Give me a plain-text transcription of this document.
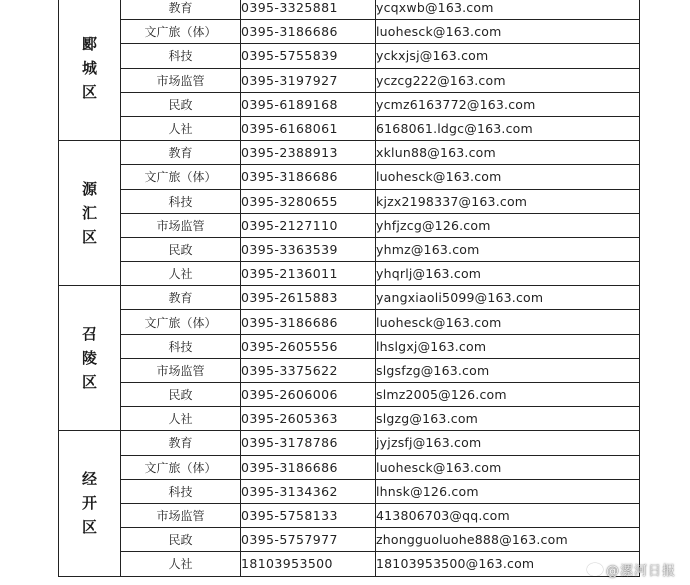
郾城区	教育	0395-3325881	ycqxwb@163.com
	文广旅（体）	0395-3186686	luohesck@163.com
	科技	0395-5755839	yckxjsj@163.com
	市场监管	0395-3197927	yczcg222@163.com
	民政	0395-6189168	ycmz6163772@163.com
	人社	0395-6168061	6168061.ldgc@163.com
源汇区	教育	0395-2388913	xklun88@163.com
	文广旅（体）	0395-3186686	luohesck@163.com
	科技	0395-3280655	kjzx2198337@163.com
	市场监管	0395-2127110	yhfjzcg@126.com
	民政	0395-3363539	yhmz@163.com
	人社	0395-2136011	yhqrlj@163.com
召陵区	教育	0395-2615883	yangxiaoli5099@163.com
	文广旅（体）	0395-3186686	luohesck@163.com
	科技	0395-2605556	lhslgxj@163.com
	市场监管	0395-3375622	slgsfzg@163.com
	民政	0395-2606006	slmz2005@126.com
	人社	0395-2605363	slgzg@163.com
经开区	教育	0395-3178786	jyjzsfj@163.com
	文广旅（体）	0395-3186686	luohesck@163.com
	科技	0395-3134362	lhnsk@126.com
	市场监管	0395-5758133	413806703@qq.com
	民政	0395-5757977	zhongguoluohe888@163.com
	人社	18103953500	18103953500@163.com
@漯河日报
